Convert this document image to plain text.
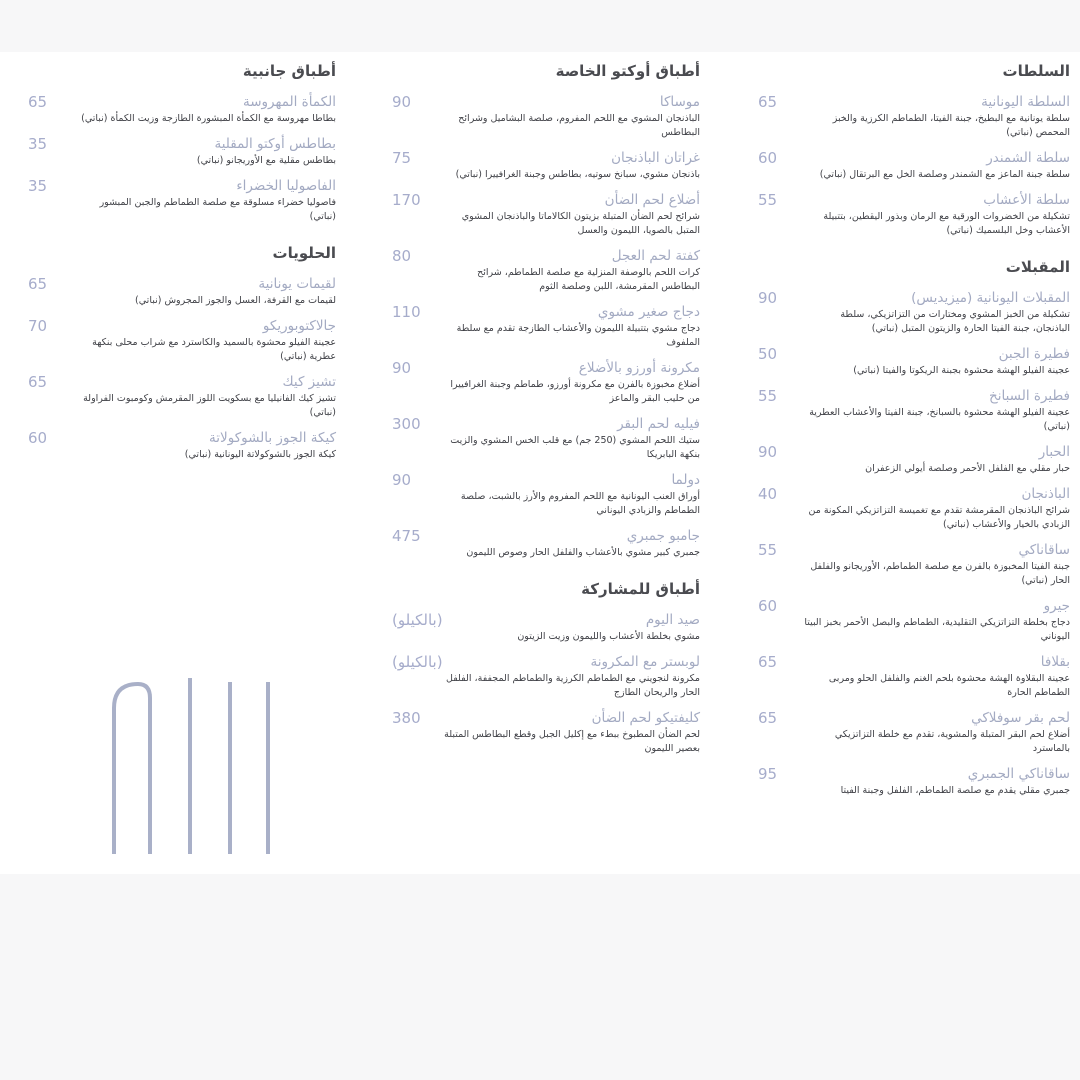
السلطات
65	السلطة اليونانية
سلطة يونانية مع البطيخ، جبنة الفيتا، الطماطم الكرزية والخبز المحمص (نباتي)
60	سلطة الشمندر
سلطة جبنة الماعز مع الشمندر وصلصة الخل مع البرتقال (نباتي)
55	سلطة الأعشاب
تشكيلة من الخضروات الورقية مع الرمان وبذور اليقطين، بتتبيلة الأعشاب وخل البلسميك (نباتي)
المقبلات
90	المقبلات اليونانية (ميزيديس)
تشكيلة من الخبز المشوي ومختارات من التزاتزيكي، سلطة الباذنجان، جبنة الفيتا الحارة والزيتون المتبل (نباتي)
50	فطيرة الجبن
عجينة الفيلو الهشة محشوة بجبنة الريكوتا والفيتا (نباتي)
55	فطيرة السبانخ
عجينة الفيلو الهشة محشوة بالسبانخ، جبنة الفيتا والأعشاب العطرية (نباتي)
90	الحبار
حبار مقلي مع الفلفل الأحمر وصلصة أيولي الزعفران
40	الباذنجان
شرائح الباذنجان المقرمشة تقدم مع تغميسة التزاتزيكي المكونة من الزبادي بالخيار والأعشاب (نباتي)
55	ساقاناكي
جبنة الفيتا المخبوزة بالفرن مع صلصة الطماطم، الأوريجانو والفلفل الحار (نباتي)
60	جيرو
دجاج بخلطة التزاتزيكي التقليدية، الطماطم والبصل الأحمر بخبز البيتا اليوناني
65	بقلافا
عجينة البقلاوة الهشة محشوة بلحم الغنم والفلفل الحلو ومربى الطماطم الحارة
65	لحم بقر سوفلاكي
أضلاع لحم البقر المتبلة والمشوية، تقدم مع خلطة التزاتزيكي بالماسترد
95	ساقاناكي الجمبري
جمبري مقلي يقدم مع صلصة الطماطم، الفلفل وجبنة الفيتا
أطباق أوكتو الخاصة
90	موساكا
الباذنجان المشوي مع اللحم المفروم، صلصة البشاميل وشرائح البطاطس
75	غراتان الباذنجان
باذنجان مشوي، سبانخ سوتيه، بطاطس وجبنة الغرافييرا (نباتي)
170	أضلاع لحم الضأن
شرائح لحم الضأن المتبلة بزيتون الكالاماتا والباذنجان المشوي المتبل بالصويا، الليمون والعسل
80	كفتة لحم العجل
كرات اللحم بالوصفة المنزلية مع صلصة الطماطم، شرائح البطاطس المقرمشة، اللبن وصلصة الثوم
110	دجاج صغير مشوي
دجاج مشوي بتتبيلة الليمون والأعشاب الطازجة تقدم مع سلطة الملفوف
90	مكرونة أورزو بالأضلاع
أضلاع مخبوزة بالفرن مع مكرونة أورزو، طماطم وجبنة الغرافييرا من حليب البقر والماعز
300	فيليه لحم البقر
ستيك اللحم المشوي (250 جم) مع قلب الخس المشوي والزيت بنكهة البابريكا
90	دولما
أوراق العنب اليونانية مع اللحم المفروم والأرز بالشبت، صلصة الطماطم والزبادي اليوناني
475	جامبو جمبري
جمبري كبير مشوي بالأعشاب والفلفل الحار وصوص الليمون
أطباق للمشاركة
(بالكيلو)	صيد اليوم
مشوي بخلطة الأعشاب والليمون وزيت الزيتون
(بالكيلو)	لوبستر مع المكرونة
مكرونة لنجويني مع الطماطم الكرزية والطماطم المجففة، الفلفل الحار والريحان الطازج
380	كليفتيكو لحم الضأن
لحم الضأن المطبوخ ببطء مع إكليل الجبل وقطع البطاطس المتبلة بعصير الليمون
أطباق جانبية
65	الكمأة المهروسة
بطاطا مهروسة مع الكمأة المبشورة الطازجة وزيت الكمأة (نباتي)
35	بطاطس أوكتو المقلية
بطاطس مقلية مع الأوريجانو (نباتي)
35	الفاصوليا الخضراء
فاصوليا خضراء مسلوقة مع صلصة الطماطم والجبن المبشور (نباتي)
الحلويات
65	لقيمات يونانية
لقيمات مع القرفة، العسل والجوز المجروش (نباتي)
70	جالاكتوبوريكو
عجينة الفيلو محشوة بالسميد والكاسترد مع شراب محلى بنكهة عطرية (نباتي)
65	تشيز كيك
تشيز كيك الفانيليا مع بسكويت اللوز المقرمش وكومبوت الفراولة (نباتي)
60	كيكة الجوز بالشوكولاتة
كيكة الجوز بالشوكولاتة اليونانية (نباتي)
